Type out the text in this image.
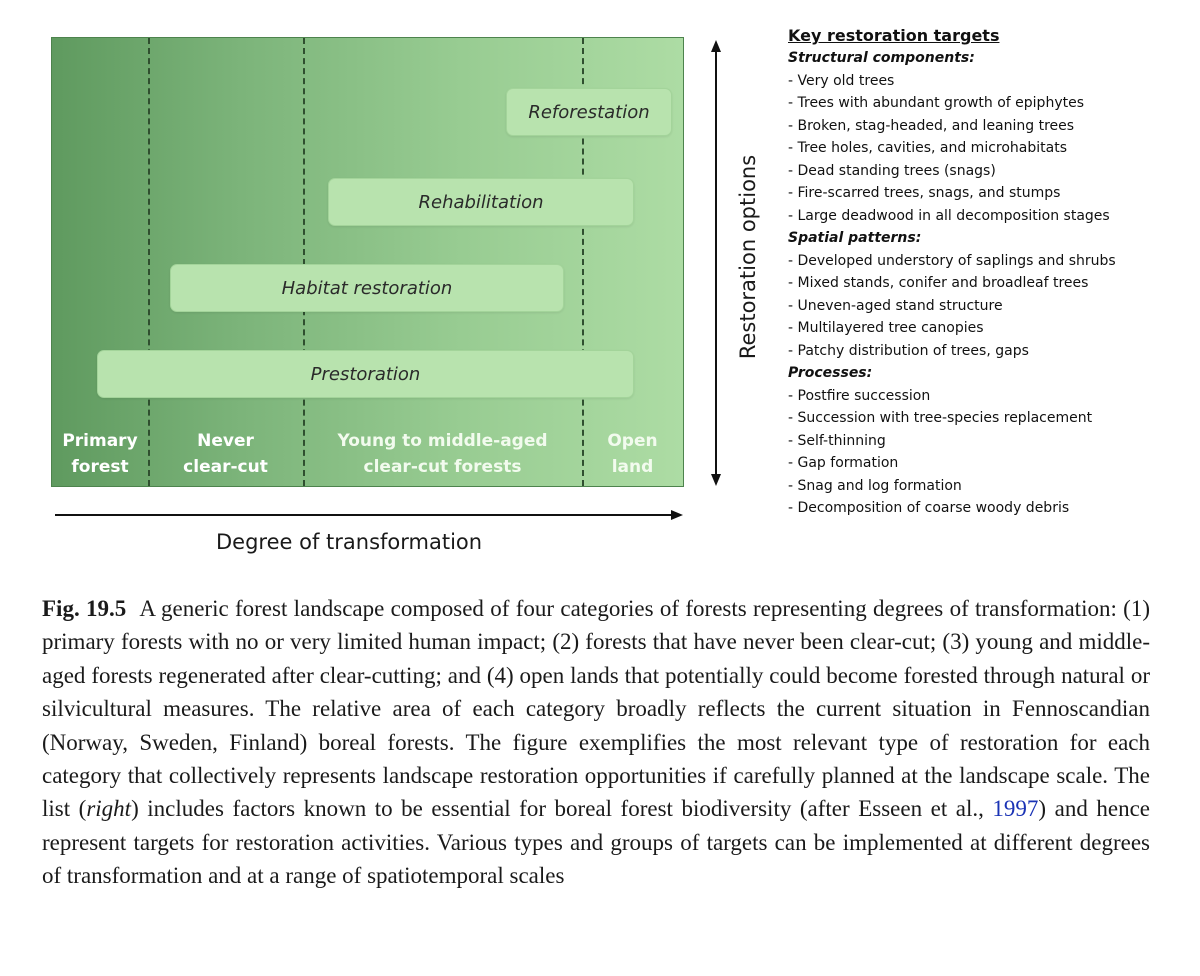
Reforestation
Rehabilitation
Habitat restoration
Prestoration
Primary
forest
Never
clear-cut
Young to middle-aged
clear-cut forests
Open
land
Degree of transformation
Restoration options
Key restoration targets
Structural components:
- Very old trees
- Trees with abundant growth of epiphytes
- Broken, stag-headed, and leaning trees
- Tree holes, cavities, and microhabitats
- Dead standing trees (snags)
- Fire-scarred trees, snags, and stumps
- Large deadwood in all decomposition stages
Spatial patterns:
- Developed understory of saplings and shrubs
- Mixed stands, conifer and broadleaf trees
- Uneven-aged stand structure
- Multilayered tree canopies
- Patchy distribution of trees, gaps
Processes:
- Postfire succession
- Succession with tree-species replacement
- Self-thinning
- Gap formation
- Snag and log formation
- Decomposition of coarse woody debris
Fig. 19.5 A generic forest landscape composed of four categories of forests representing degrees of transformation: (1) primary forests with no or very limited human impact; (2) forests that have never been clear-cut; (3) young and middle-aged forests regenerated after clear-cutting; and (4) open lands that potentially could become forested through natural or silvicultural measures. The relative area of each category broadly reflects the current situation in Fennoscandian (Norway, Sweden, Finland) boreal forests. The figure exemplifies the most relevant type of restoration for each category that collectively represents landscape restoration opportunities if carefully planned at the landscape scale. The list (right) includes factors known to be essential for boreal forest biodiversity (after Esseen et al., 1997) and hence represent targets for restoration activities. Various types and groups of targets can be implemented at different degrees of transformation and at a range of spatiotemporal scales
